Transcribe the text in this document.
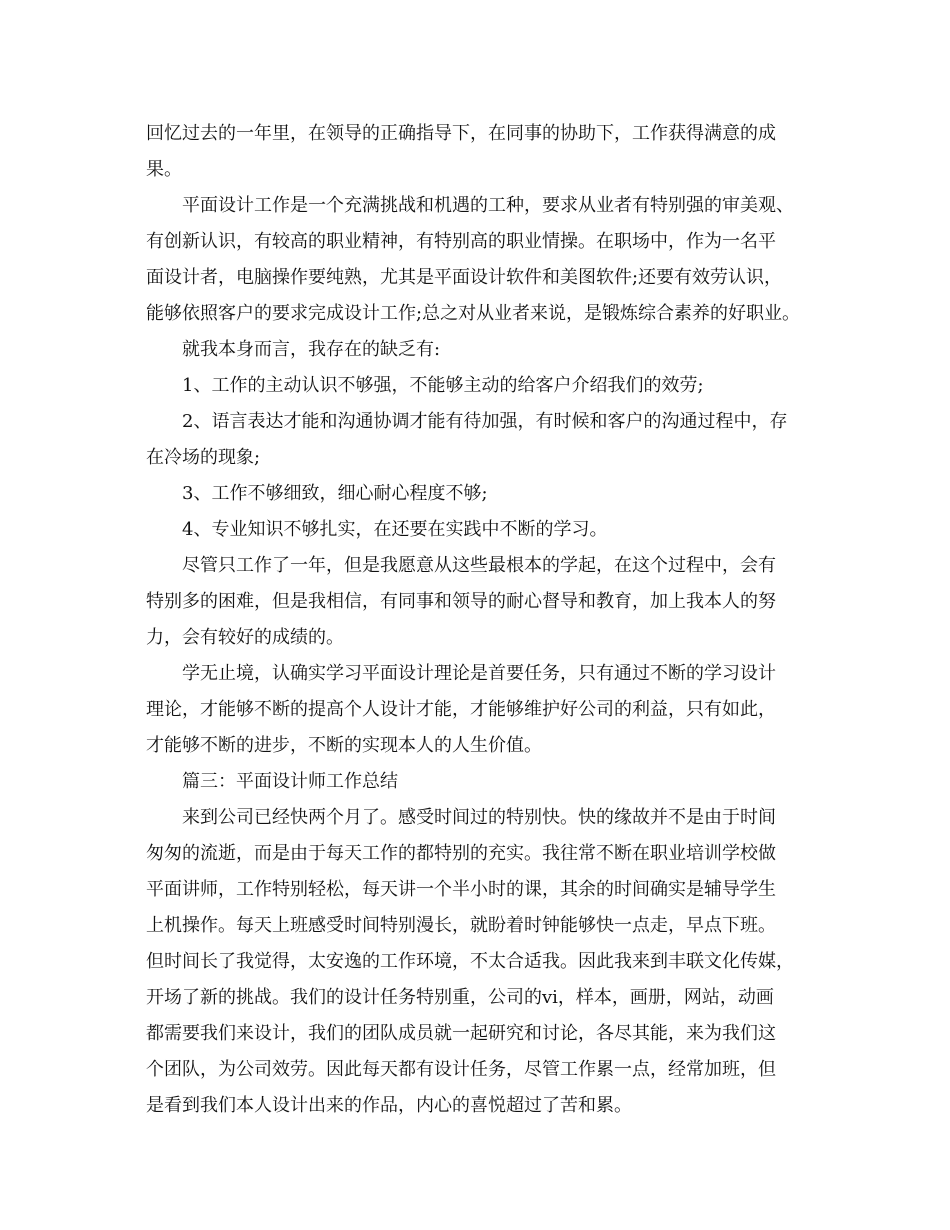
回忆过去的一年里，在领导的正确指导下，在同事的协助下，工作获得满意的成
果。
平面设计工作是一个充满挑战和机遇的工种，要求从业者有特别强的审美观、
有创新认识，有较高的职业精神，有特别高的职业情操。在职场中，作为一名平
面设计者，电脑操作要纯熟，尤其是平面设计软件和美图软件;还要有效劳认识，
能够依照客户的要求完成设计工作;总之对从业者来说，是锻炼综合素养的好职业。
就我本身而言，我存在的缺乏有:
1、工作的主动认识不够强，不能够主动的给客户介绍我们的效劳;
2、语言表达才能和沟通协调才能有待加强，有时候和客户的沟通过程中，存
在冷场的现象;
3、工作不够细致，细心耐心程度不够;
4、专业知识不够扎实，在还要在实践中不断的学习。
尽管只工作了一年，但是我愿意从这些最根本的学起，在这个过程中，会有
特别多的困难，但是我相信，有同事和领导的耐心督导和教育，加上我本人的努
力，会有较好的成绩的。
学无止境，认确实学习平面设计理论是首要任务，只有通过不断的学习设计
理论，才能够不断的提高个人设计才能，才能够维护好公司的利益，只有如此，
才能够不断的进步，不断的实现本人的人生价值。
篇三：平面设计师工作总结
来到公司已经快两个月了。感受时间过的特别快。快的缘故并不是由于时间
匆匆的流逝，而是由于每天工作的都特别的充实。我往常不断在职业培训学校做
平面讲师，工作特别轻松，每天讲一个半小时的课，其余的时间确实是辅导学生
上机操作。每天上班感受时间特别漫长，就盼着时钟能够快一点走，早点下班。
但时间长了我觉得，太安逸的工作环境，不太合适我。因此我来到丰联文化传媒，
开场了新的挑战。我们的设计任务特别重，公司的vi，样本，画册，网站，动画
都需要我们来设计，我们的团队成员就一起研究和讨论，各尽其能，来为我们这
个团队，为公司效劳。因此每天都有设计任务，尽管工作累一点，经常加班，但
是看到我们本人设计出来的作品，内心的喜悦超过了苦和累。
